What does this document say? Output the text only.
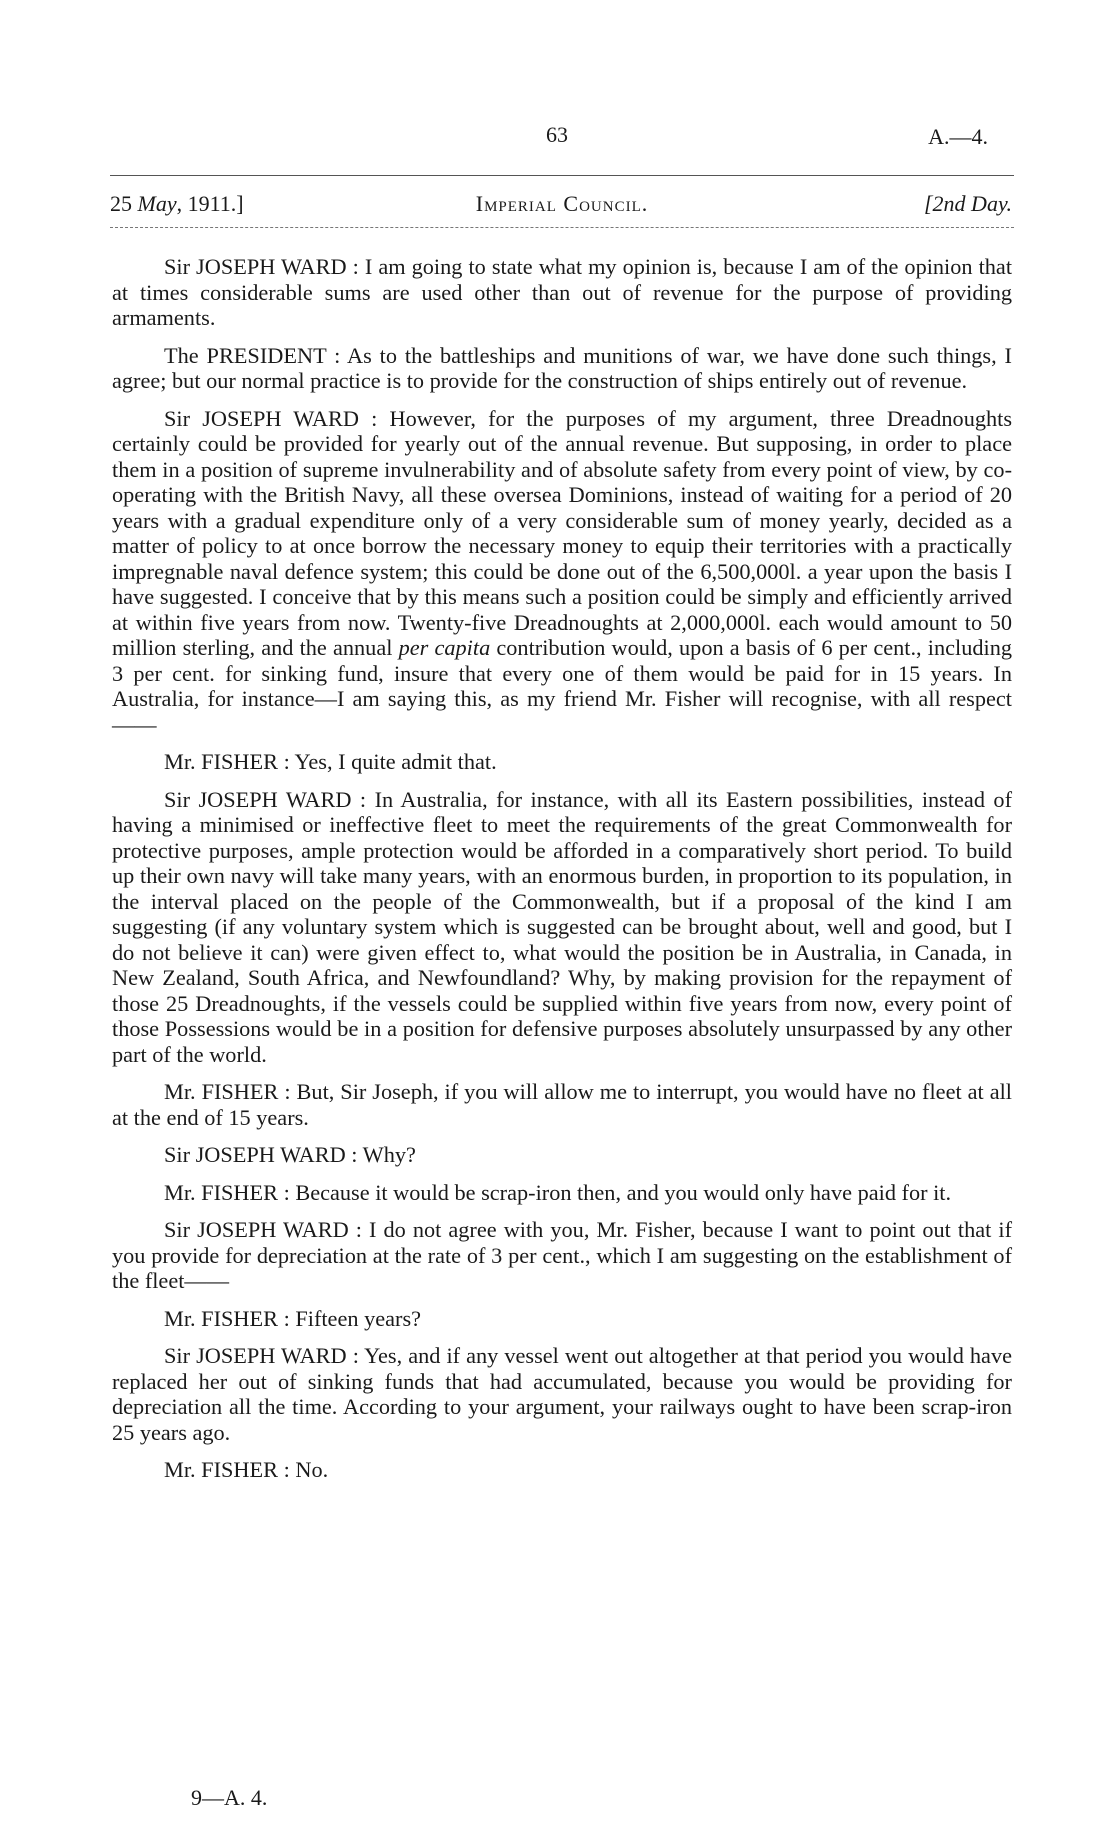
63	A.—4.
25 May, 1911.]	Imperial Council.	[2nd Day.

Sir JOSEPH WARD : I am going to state what my opinion is, because I am of the opinion that at times considerable sums are used other than out of revenue for the purpose of providing armaments.

The PRESIDENT : As to the battleships and munitions of war, we have done such things, I agree; but our normal practice is to provide for the construction of ships entirely out of revenue.

Sir JOSEPH WARD : However, for the purposes of my argument, three Dreadnoughts certainly could be provided for yearly out of the annual revenue. But supposing, in order to place them in a position of supreme invulnerability and of absolute safety from every point of view, by co-operating with the British Navy, all these oversea Dominions, instead of waiting for a period of 20 years with a gradual expenditure only of a very considerable sum of money yearly, decided as a matter of policy to at once borrow the necessary money to equip their territories with a practically impregnable naval defence system; this could be done out of the 6,500,000l. a year upon the basis I have suggested. I conceive that by this means such a position could be simply and efficiently arrived at within five years from now. Twenty-five Dreadnoughts at 2,000,000l. each would amount to 50 million sterling, and the annual per capita contribution would, upon a basis of 6 per cent., including 3 per cent. for sinking fund, insure that every one of them would be paid for in 15 years. In Australia, for instance—I am saying this, as my friend Mr. Fisher will recognise, with all respect——

Mr. FISHER : Yes, I quite admit that.

Sir JOSEPH WARD : In Australia, for instance, with all its Eastern possibilities, instead of having a minimised or ineffective fleet to meet the requirements of the great Commonwealth for protective purposes, ample protection would be afforded in a comparatively short period. To build up their own navy will take many years, with an enormous burden, in proportion to its population, in the interval placed on the people of the Commonwealth, but if a proposal of the kind I am suggesting (if any voluntary system which is suggested can be brought about, well and good, but I do not believe it can) were given effect to, what would the position be in Australia, in Canada, in New Zealand, South Africa, and Newfoundland? Why, by making provision for the repayment of those 25 Dreadnoughts, if the vessels could be supplied within five years from now, every point of those Possessions would be in a position for defensive purposes absolutely unsurpassed by any other part of the world.

Mr. FISHER : But, Sir Joseph, if you will allow me to interrupt, you would have no fleet at all at the end of 15 years.

Sir JOSEPH WARD : Why?

Mr. FISHER : Because it would be scrap-iron then, and you would only have paid for it.

Sir JOSEPH WARD : I do not agree with you, Mr. Fisher, because I want to point out that if you provide for depreciation at the rate of 3 per cent., which I am suggesting on the establishment of the fleet——

Mr. FISHER : Fifteen years?

Sir JOSEPH WARD : Yes, and if any vessel went out altogether at that period you would have replaced her out of sinking funds that had accumulated, because you would be providing for depreciation all the time. According to your argument, your railways ought to have been scrap-iron 25 years ago.

Mr. FISHER : No.

9—A. 4.
